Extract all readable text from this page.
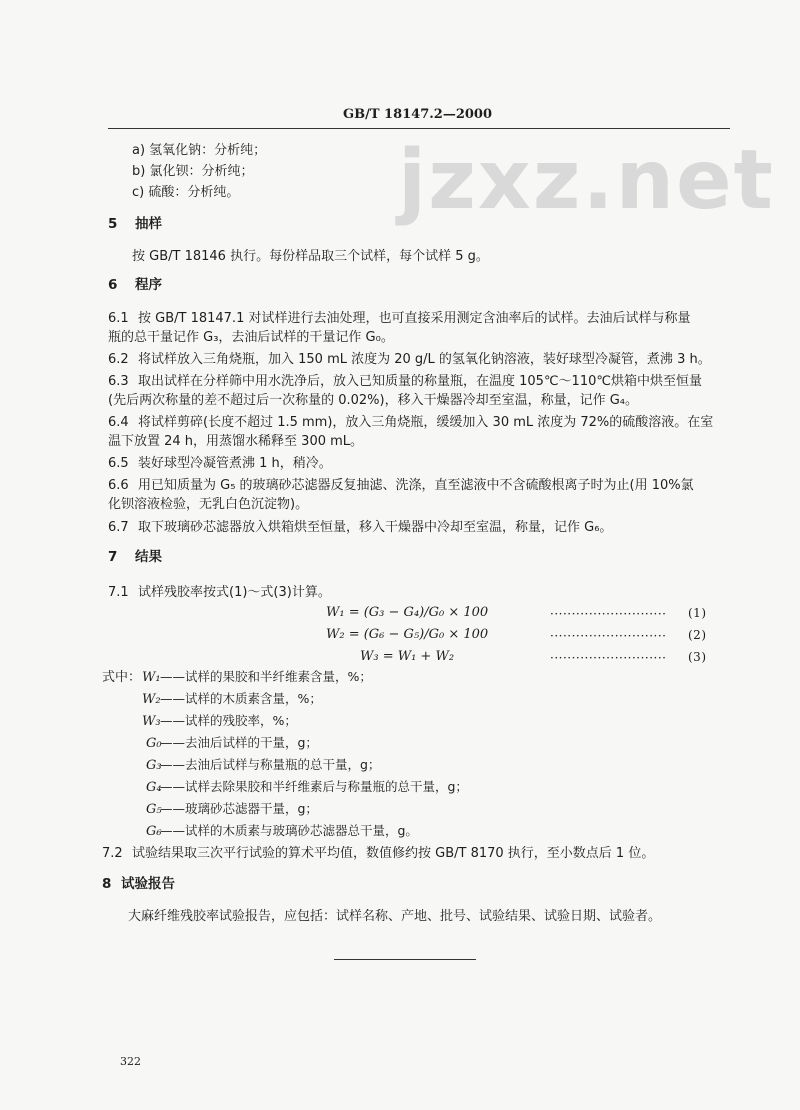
jzxz.net
GB/T 18147.2—2000
a) 氢氧化钠：分析纯；
b) 氯化钡：分析纯；
c) 硫酸：分析纯。
5 抽样
按 GB/T 18146 执行。每份样品取三个试样，每个试样 5 g。
6 程序
6.1 按 GB/T 18147.1 对试样进行去油处理，也可直接采用测定含油率后的试样。去油后试样与称量
瓶的总干量记作 G₃，去油后试样的干量记作 G₀。
6.2 将试样放入三角烧瓶，加入 150 mL 浓度为 20 g/L 的氢氧化钠溶液，装好球型冷凝管，煮沸 3 h。
6.3 取出试样在分样筛中用水洗净后，放入已知质量的称量瓶，在温度 105℃～110℃烘箱中烘至恒量
(先后两次称量的差不超过后一次称量的 0.02%)，移入干燥器冷却至室温，称量，记作 G₄。
6.4 将试样剪碎(长度不超过 1.5 mm)，放入三角烧瓶，缓缓加入 30 mL 浓度为 72%的硫酸溶液。在室
温下放置 24 h，用蒸馏水稀释至 300 mL。
6.5 装好球型冷凝管煮沸 1 h，稍冷。
6.6 用已知质量为 G₅ 的玻璃砂芯滤器反复抽滤、洗涤，直至滤液中不含硫酸根离子时为止(用 10%氯
化钡溶液检验，无乳白色沉淀物)。
6.7 取下玻璃砂芯滤器放入烘箱烘至恒量，移入干燥器中冷却至室温，称量，记作 G₆。
7 结果
7.1 试样残胶率按式(1)～式(3)计算。
W₁ = (G₃ − G₄)/G₀ × 100	··························· (1)
W₂ = (G₆ − G₅)/G₀ × 100	··························· (2)
W₃ = W₁ + W₂	··························· (3)
式中： W₁ ——试样的果胶和半纤维素含量，%；
W₂ ——试样的木质素含量，%；
W₃ ——试样的残胶率，%；
G₀
——去油后试样的干量，g；
G₃
——去油后试样与称量瓶的总干量，g；
G₄
——试样去除果胶和半纤维素后与称量瓶的总干量，g；
G₅
——玻璃砂芯滤器干量，g；
G₆
——试样的木质素与玻璃砂芯滤器总干量，g。
7.2 试验结果取三次平行试验的算术平均值，数值修约按 GB/T 8170 执行，至小数点后 1 位。
8 试验报告
大麻纤维残胶率试验报告，应包括：试样名称、产地、批号、试验结果、试验日期、试验者。
322
